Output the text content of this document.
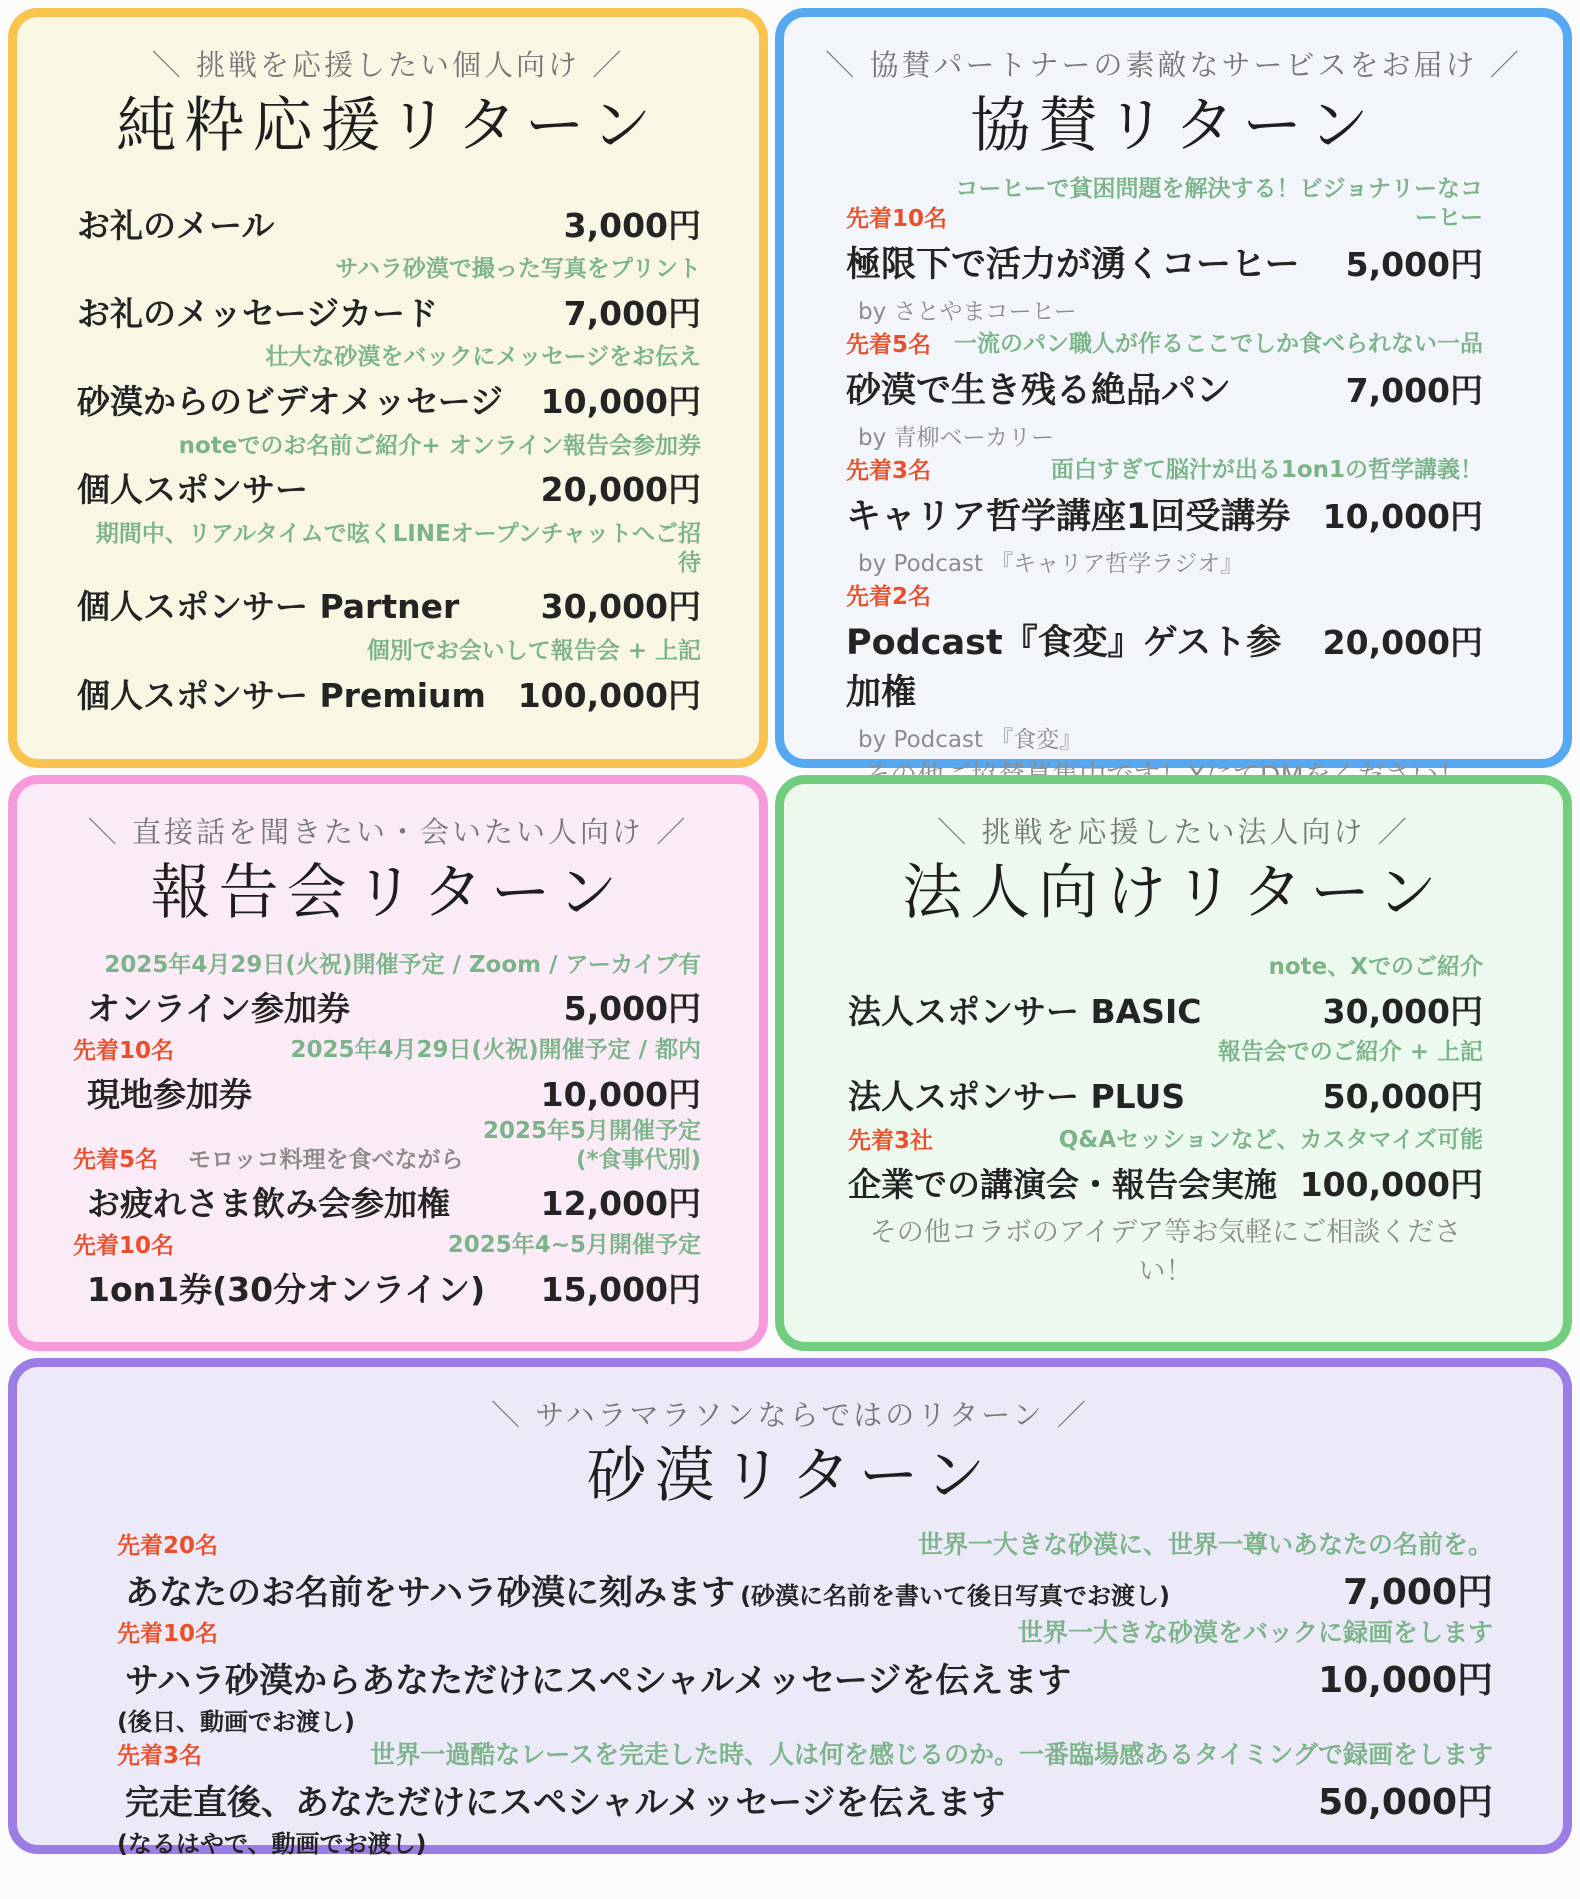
＼ 挑戦を応援したい個人向け ／
純粋応援リターン
お礼のメール	3,000円
サハラ砂漠で撮った写真をプリント
お礼のメッセージカード	7,000円
壮大な砂漠をバックにメッセージをお伝え
砂漠からのビデオメッセージ 10,000円
noteでのお名前ご紹介+ オンライン報告会参加券
個人スポンサー	20,000円
期間中、リアルタイムで呟くLINEオープンチャットへご招待
個人スポンサー Partner 30,000円
個別でお会いして報告会 + 上記
個人スポンサー Premium 100,000円
＼ 協賛パートナーの素敵なサービスをお届け ／
協賛リターン
先着10名
コーヒーで貧困問題を解決する！ビジョナリーなコーヒー
極限下で活力が湧くコーヒー 5,000円
by さとやまコーヒー
先着5名 一流のパン職人が作るここでしか食べられない一品
砂漠で生き残る絶品パン	7,000円
by 青柳ベーカリー
先着3名	面白すぎて脳汁が出る1on1の哲学講義！
キャリア哲学講座1回受講券 10,000円
by Podcast 『キャリア哲学ラジオ』
先着2名
Podcast『食変』ゲスト参加権
20,000円
by Podcast 『食変』
＼ 直接話を聞きたい・会いたい人向け ／
報告会リターン
2025年4月29日(火祝)開催予定 / Zoom / アーカイブ有
オンライン参加券	5,000円
先着10名	2025年4月29日(火祝)開催予定 / 都内
現地参加券	10,000円
先着5名 モロッコ料理を食べながら
2025年5月開催予定(*食事代別)
お疲れさま飲み会参加権	12,000円
先着10名	2025年4~5月開催予定
1on1券(30分オンライン) 15,000円
＼ 挑戦を応援したい法人向け ／
法人向けリターン
note、Xでのご紹介
法人スポンサー BASIC	30,000円
報告会でのご紹介 + 上記
法人スポンサー PLUS	50,000円
先着3社	Q&Aセッションなど、カスタマイズ可能
企業での講演会・報告会実施 100,000円
その他コラボのアイデア等お気軽にご相談ください！
＼ サハラマラソンならではのリターン ／
砂漠リターン
先着20名	世界一大きな砂漠に、世界一尊いあなたの名前を。
あなたのお名前をサハラ砂漠に刻みます
(砂漠に名前を書いて後日写真でお渡し)	7,000円
先着10名	世界一大きな砂漠をバックに録画をします
サハラ砂漠からあなただけにスペシャルメッセージを伝えます

(後日、動画でお渡し)
10,000円
先着3名	世界一過酷なレースを完走した時、人は何を感じるのか。一番臨場感あるタイミングで録画をします
完走直後、あなただけにスペシャルメッセージを伝えます

(なるはやで、動画でお渡し)
50,000円
